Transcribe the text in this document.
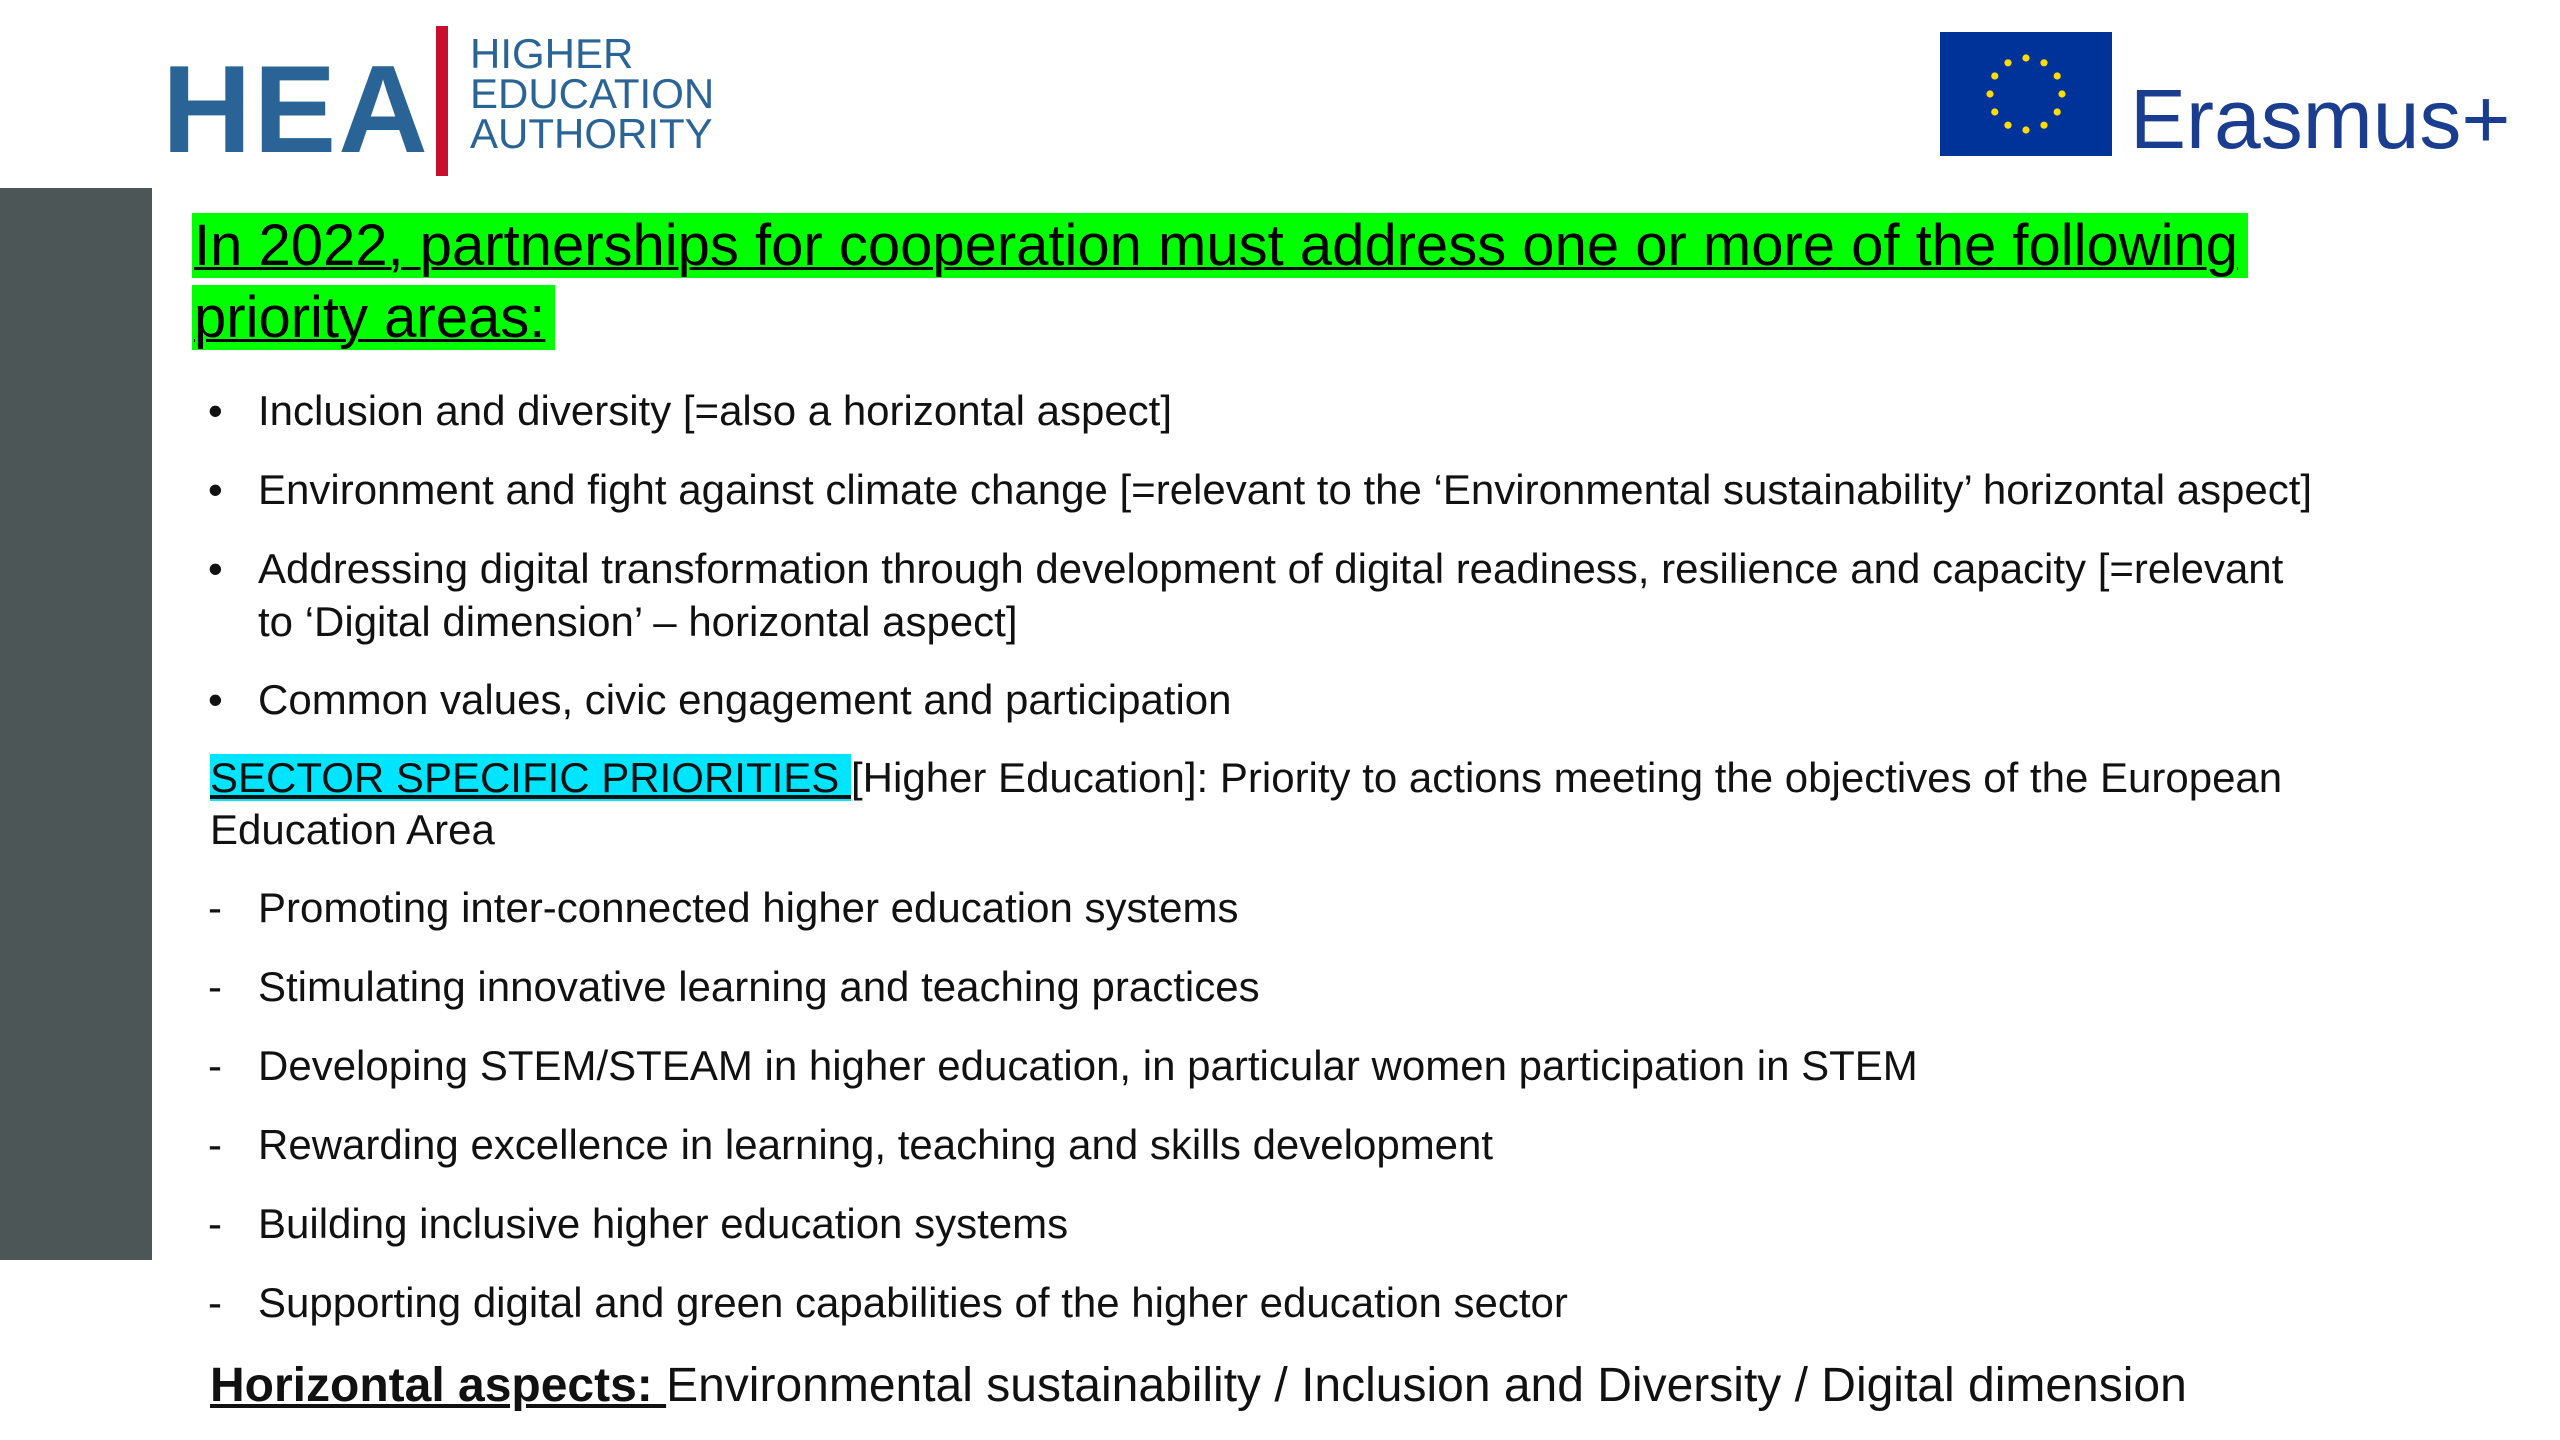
HEA HIGHER
EDUCATION
AUTHORITY	Erasmus+
In 2022, partnerships for cooperation must address one or more of the following
priority areas:
• Inclusion and diversity [=also a horizontal aspect]
• Environment and fight against climate change [=relevant to the ‘Environmental sustainability’ horizontal aspect]
• Addressing digital transformation through development of digital readiness, resilience and capacity [=relevant
to ‘Digital dimension’ – horizontal aspect]
• Common values, civic engagement and participation
SECTOR SPECIFIC PRIORITIES [Higher Education]: Priority to actions meeting the objectives of the European
Education Area
- Promoting inter-connected higher education systems
- Stimulating innovative learning and teaching practices
- Developing STEM/STEAM in higher education, in particular women participation in STEM
- Rewarding excellence in learning, teaching and skills development
- Building inclusive higher education systems
- Supporting digital and green capabilities of the higher education sector
Horizontal aspects: Environmental sustainability / Inclusion and Diversity / Digital dimension
